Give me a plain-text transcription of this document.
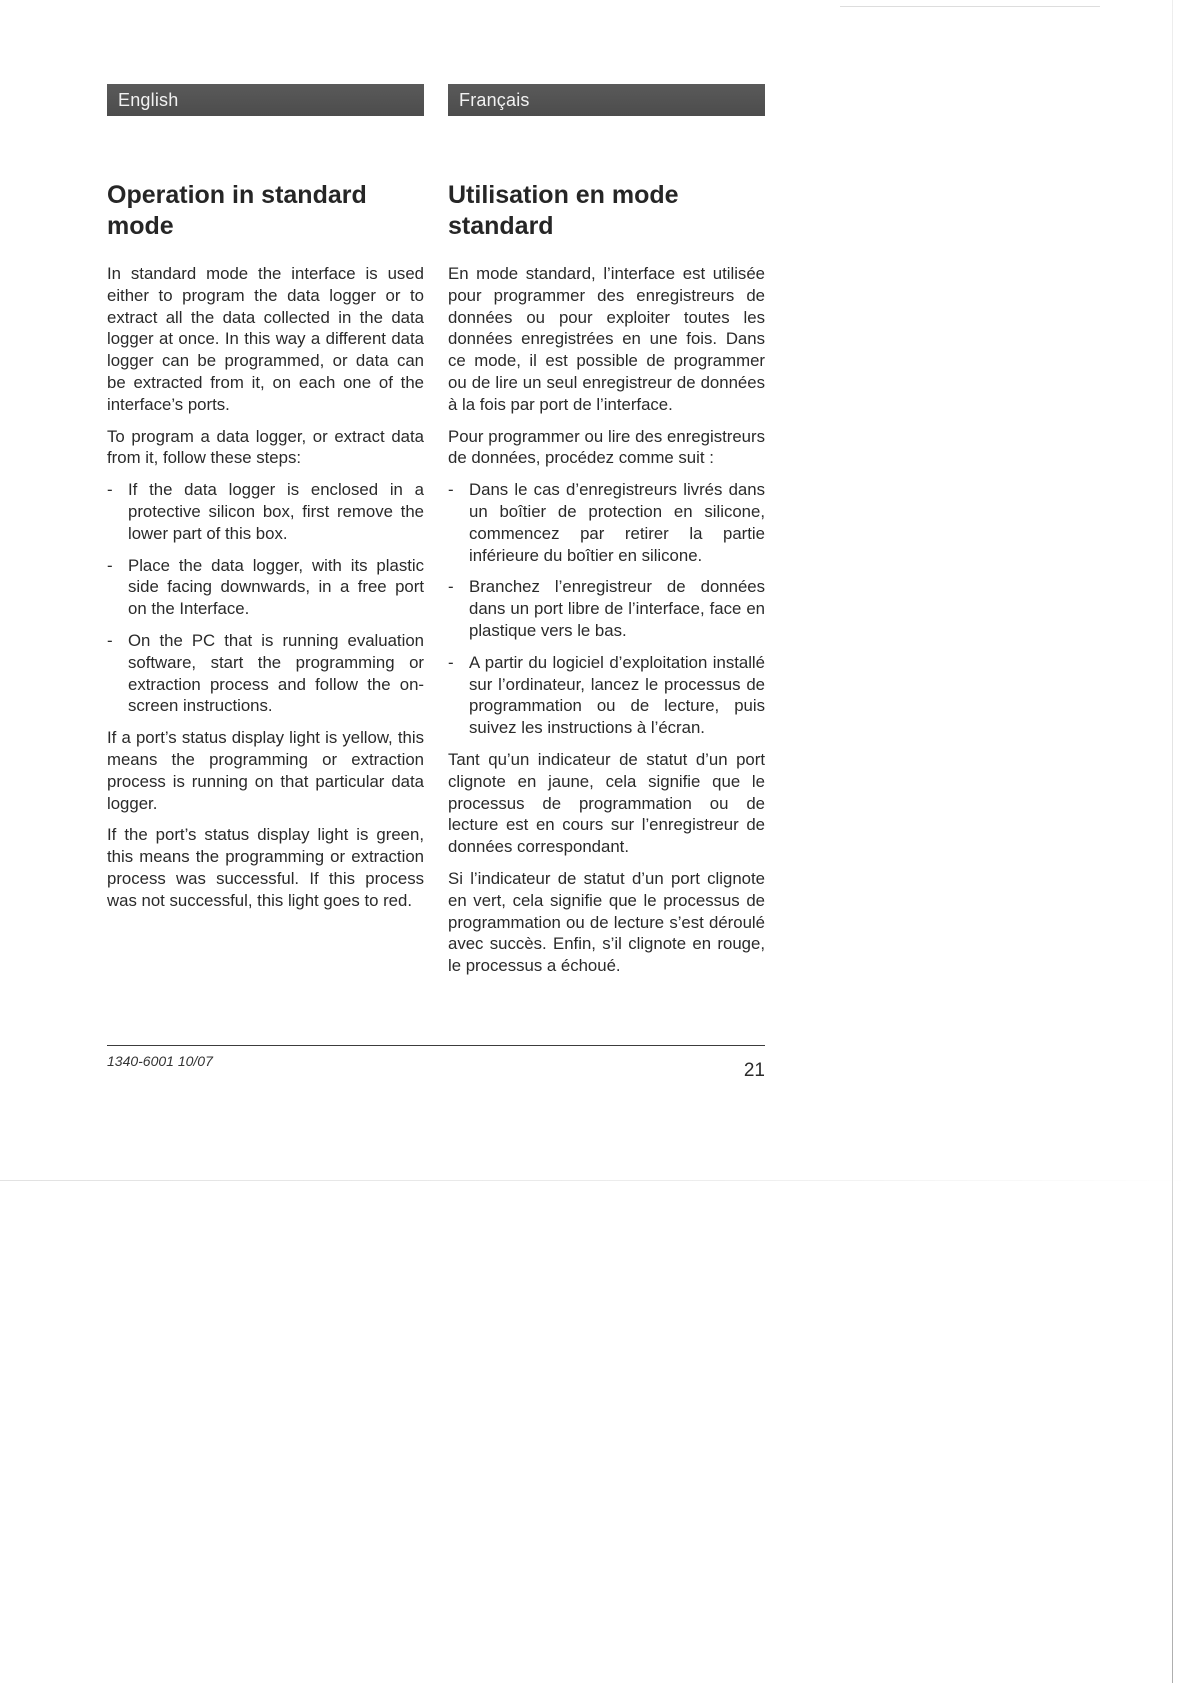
English
Operation in standard mode

In standard mode the interface is used either to program the data logger or to extract all the data collected in the data logger at once. In this way a different data logger can be programmed, or data can be extracted from it, on each one of the interface’s ports.

To program a data logger, or extract data from it, follow these steps:

- If the data logger is enclosed in a protective silicon box, first remove the lower part of this box.
- Place the data logger, with its plastic side facing downwards, in a free port on the Interface.
- On the PC that is running evaluation software, start the programming or extraction process and follow the on-screen instructions.

If a port’s status display light is yellow, this means the programming or extraction process is running on that particular data logger.

If the port’s status display light is green, this means the programming or extraction process was successful. If this process was not successful, this light goes to red.

Français
Utilisation en mode standard

En mode standard, l’interface est utilisée pour programmer des enregistreurs de données ou pour exploiter toutes les données enregistrées en une fois. Dans ce mode, il est possible de programmer ou de lire un seul enregistreur de données à la fois par port de l’interface.

Pour programmer ou lire des enregistreurs de données, procédez comme suit :

- Dans le cas d’enregistreurs livrés dans un boîtier de protection en silicone, commencez par retirer la partie inférieure du boîtier en silicone.
- Branchez l’enregistreur de données dans un port libre de l’interface, face en plastique vers le bas.
- A partir du logiciel d’exploitation installé sur l’ordinateur, lancez le processus de programmation ou de lecture, puis suivez les instructions à l’écran.

Tant qu’un indicateur de statut d’un port clignote en jaune, cela signifie que le processus de programmation ou de lecture est en cours sur l’enregistreur de données correspondant.

Si l’indicateur de statut d’un port clignote en vert, cela signifie que le processus de programmation ou de lecture s’est déroulé avec succès. Enfin, s’il clignote en rouge, le processus a échoué.

1340-6001 10/07	21
